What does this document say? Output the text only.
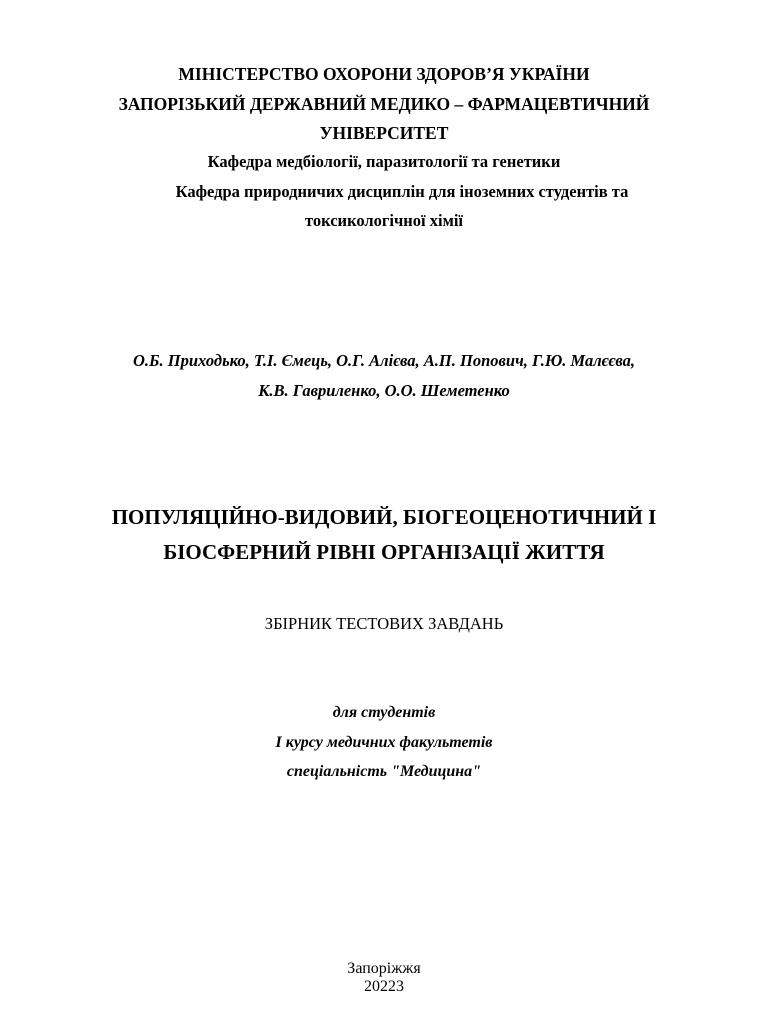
МІНІСТЕРСТВО ОХОРОНИ ЗДОРОВ’Я УКРАЇНИ
ЗАПОРІЗЬКИЙ ДЕРЖАВНИЙ МЕДИКО – ФАРМАЦЕВТИЧНИЙ
УНІВЕРСИТЕТ
Кафедра медбіології, паразитології та генетики
Кафедра природничих дисциплін для іноземних студентів та
токсикологічної хімії
О.Б. Приходько, Т.І. Ємець, О.Г. Алієва, А.П. Попович, Г.Ю. Малєєва,
К.В. Гавриленко, О.О. Шеметенко
ПОПУЛЯЦІЙНО-ВИДОВИЙ, БІОГЕОЦЕНОТИЧНИЙ І
БІОСФЕРНИЙ РІВНІ ОРГАНІЗАЦІЇ ЖИТТЯ
ЗБІРНИК ТЕСТОВИХ ЗАВДАНЬ
для студентів
І курсу медичних факультетів
спеціальність "Медицина"
Запоріжжя
20223
